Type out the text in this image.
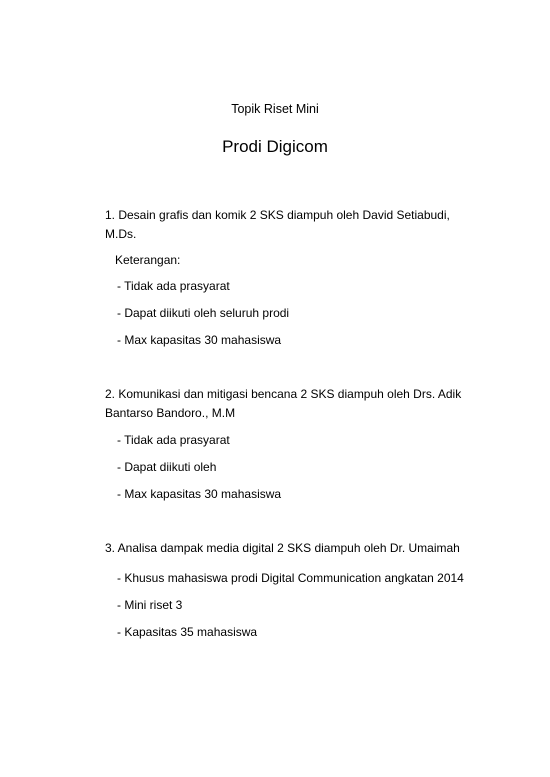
Topik Riset Mini
Prodi Digicom
1. Desain grafis dan komik 2 SKS diampuh oleh David Setiabudi, M.Ds.
Keterangan:
- Tidak ada prasyarat
- Dapat diikuti oleh seluruh prodi
- Max kapasitas 30 mahasiswa
2. Komunikasi dan mitigasi bencana 2 SKS diampuh oleh Drs. Adik Bantarso Bandoro., M.M
- Tidak ada prasyarat
- Dapat diikuti oleh
- Max kapasitas 30 mahasiswa
3. Analisa dampak media digital 2 SKS diampuh oleh Dr. Umaimah
- Khusus mahasiswa prodi Digital Communication angkatan 2014
- Mini riset 3
- Kapasitas 35 mahasiswa
